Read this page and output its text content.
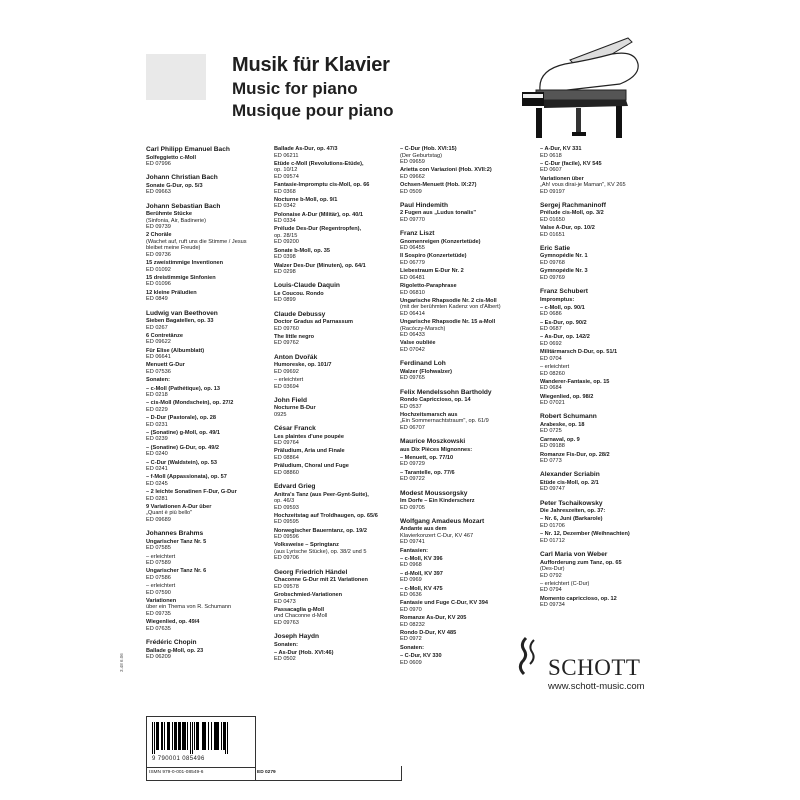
Musik für Klavier
Music for piano
Musique pour piano
Carl Philipp Emanuel Bach
Solfeggietto c-Moll
ED 07996
Johann Christian Bach
Sonate G-Dur, op. 5/3
ED 09663
Johann Sebastian Bach
Berühmte Stücke
(Sinfonia, Air, Badinerie)
ED 09739
2 Choräle
(Wachet auf, ruft uns die Stimme / Jesus bleibet meine Freude)
ED 09736
15 zweistimmige Inventionen
ED 01092
15 dreistimmige Sinfonien
ED 01096
12 kleine Präludien
ED 0849
Ludwig van Beethoven
Sieben Bagatellen, op. 33
ED 0267
6 Contretänze
ED 09622
Für Elise (Albumblatt)
ED 06641
Menuett G-Dur
ED 07536
Sonaten:
– c-Moll (Pathétique), op. 13
ED 0218
– cis-Moll (Mondschein), op. 27/2
ED 0229
– D-Dur (Pastorale), op. 28
ED 0231
– (Sonatine) g-Moll, op. 49/1
ED 0239
– (Sonatine) G-Dur, op. 49/2
ED 0240
– C-Dur (Waldstein), op. 53
ED 0241
– f-Moll (Appassionata), op. 57
ED 0245
– 2 leichte Sonatinen F-Dur, G-Dur
ED 0281
9 Variationen A-Dur über
„Quant è più bello"
ED 09689
Johannes Brahms
Ungarischer Tanz Nr. 5
ED 07585
– erleichtert
ED 07589
Ungarischer Tanz Nr. 6
ED 07586
– erleichtert
ED 07590
Variationen
über ein Thema von R. Schumann
ED 09735
Wiegenlied, op. 49/4
ED 07635
Frédéric Chopin
Ballade g-Moll, op. 23
ED 06209
Ballade As-Dur, op. 47/3
ED 06211
Etüde c-Moll (Revolutions-Etüde),
op. 10/12
ED 09574
Fantasie-Impromptu cis-Moll, op. 66
ED 0368
Nocturne b-Moll, op. 9/1
ED 0342
Polonaise A-Dur (Militär), op. 40/1
ED 0334
Prélude Des-Dur (Regentropfen),
op. 28/15
ED 09200
Sonate b-Moll, op. 35
ED 0398
Walzer Des-Dur (Minuten), op. 64/1
ED 0298
Louis-Claude Daquin
Le Coucou. Rondo
ED 0899
Claude Debussy
Doctor Gradus ad Parnassum
ED 09760
The little negro
ED 09762
Anton Dvořák
Humoreske, op. 101/7
ED 09692
– erleichtert
ED 03694
John Field
Nocturne B-Dur
0925
César Franck
Les plaintes d'une poupée
ED 09764
Präludium, Aria und Finale
ED 08864
Präludium, Choral und Fuge
ED 08860
Edvard Grieg
Anitra's Tanz (aus Peer-Gynt-Suite),
op. 46/3
ED 09593
Hochzeitstag auf Troldhaugen, op. 65/6
ED 09595
Norwegischer Bauerntanz, op. 19/2
ED 09596
Volksweise – Springtanz
(aus Lyrische Stücke), op. 38/2 und 5
ED 09706
Georg Friedrich Händel
Chaconne G-Dur mit 21 Variationen
ED 09578
Grobschmied-Variationen
ED 0473
Passacaglia g-Moll
und Chaconne d-Moll
ED 09763
Joseph Haydn
Sonaten:
– As-Dur (Hob. XVI:46)
ED 0502
– C-Dur (Hob. XVI:15)
(Der Geburtstag)
ED 09659
Arietta con Variazioni (Hob. XVII:2)
ED 09662
Ochsen-Menuett (Hob. IX:27)
ED 0509
Paul Hindemith
2 Fugen aus „Ludus tonalis"
ED 09770
Franz Liszt
Gnomenreigen (Konzertetüde)
ED 06455
Il Sospiro (Konzertetüde)
ED 06779
Liebestraum E-Dur Nr. 2
ED 06481
Rigoletto-Paraphrase
ED 06810
Ungarische Rhapsodie Nr. 2 cis-Moll
(mit der berühmten Kadenz von d'Albert)
ED 06414
Ungarische Rhapsodie Nr. 15 a-Moll
(Racóczy-Marsch)
ED 06433
Valse oubliée
ED 07042
Ferdinand Loh
Walzer (Flohwalzer)
ED 09765
Felix Mendelssohn Bartholdy
Rondo Capriccioso, op. 14
ED 0537
Hochzeitsmarsch aus
„Ein Sommernachtstraum", op. 61/9
ED 06707
Maurice Moszkowski
aus Dix Pièces Mignonnes:
– Menuett, op. 77/10
ED 09729
– Tarantelle, op. 77/6
ED 09722
Modest Moussorgsky
Im Dorfe – Ein Kinderscherz
ED 09705
Wolfgang Amadeus Mozart
Andante aus dem
Klavierkonzert C-Dur, KV 467
ED 09741
Fantasien:
– c-Moll, KV 396
ED 0968
– d-Moll, KV 397
ED 0969
– c-Moll, KV 475
ED 0636
Fantasie und Fuge C-Dur, KV 394
ED 0970
Romanze As-Dur, KV 205
ED 08232
Rondo D-Dur, KV 485
ED 0972
Sonaten:
– C-Dur, KV 330
ED 0609
– A-Dur, KV 331
ED 0618
– C-Dur (facile), KV 545
ED 0607
Variationen über
„Ah! vous dirai-je Maman", KV 265
ED 09197
Sergej Rachmaninoff
Prélude cis-Moll, op. 3/2
ED 01650
Valse A-Dur, op. 10/2
ED 01651
Eric Satie
Gymnopédie Nr. 1
ED 09768
Gymnopédie Nr. 3
ED 09769
Franz Schubert
Impromptus:
– c-Moll, op. 90/1
ED 0686
– Es-Dur, op. 90/2
ED 0687
– As-Dur, op. 142/2
ED 0692
Militärmarsch D-Dur, op. 51/1
ED 0704
– erleichtert
ED 08260
Wanderer-Fantasie, op. 15
ED 0684
Wiegenlied, op. 98/2
ED 07021
Robert Schumann
Arabeske, op. 18
ED 0725
Carnaval, op. 9
ED 09188
Romanze Fis-Dur, op. 28/2
ED 0773
Alexander Scriabin
Etüde cis-Moll, op. 2/1
ED 09747
Peter Tschaikowsky
Die Jahreszeiten, op. 37:
– Nr. 6, Juni (Barkarole)
ED 01706
– Nr. 12, Dezember (Weihnachten)
ED 01712
Carl Maria von Weber
Aufforderung zum Tanz, op. 65
(Des-Dur)
ED 0792
– erleichtert (C-Dur)
ED 0794
Momento capriccioso, op. 12
ED 09734
SCHOTT
www.schott-music.com
3.48 6.06
9 790001 085496
ISMN 979-0-001-08549-6	ED 0279
